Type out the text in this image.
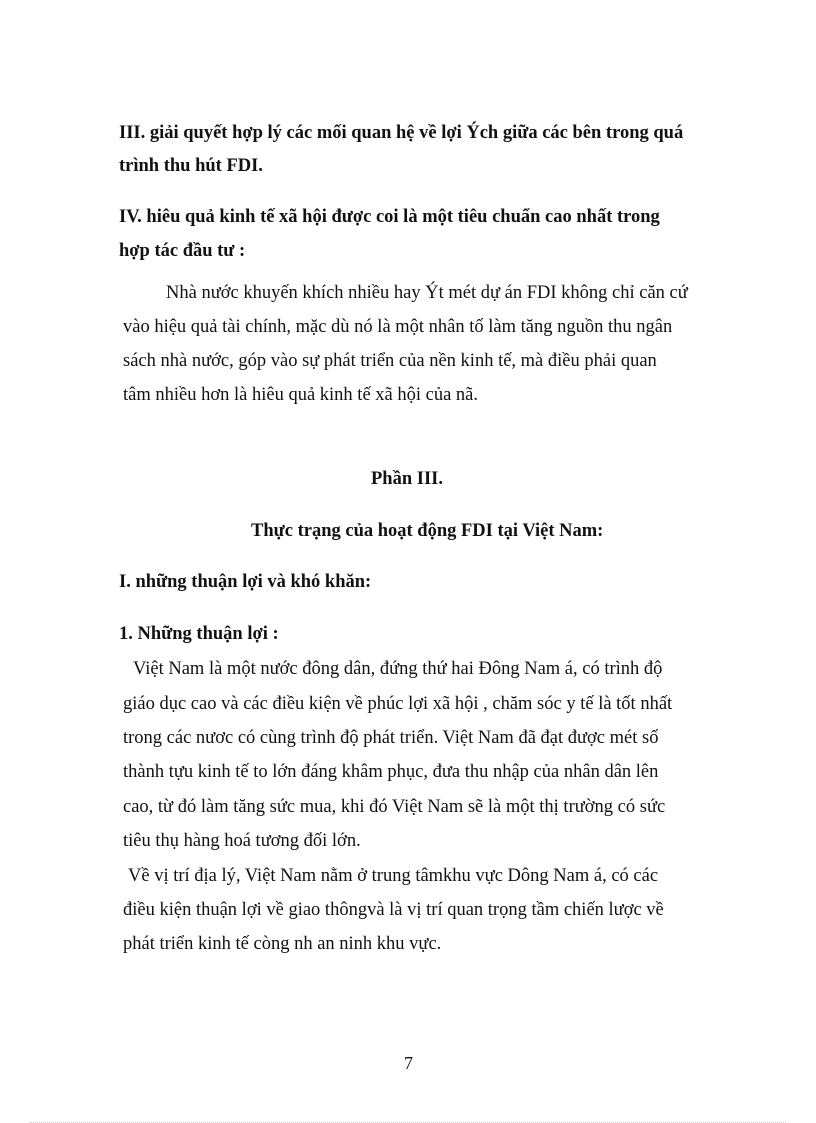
III. giải quyết hợp lý các mối quan hệ về lợi Ých giữa các bên trong quá
trình thu hút FDI.
IV. hiêu quả kinh tế xã hội được coi là một tiêu chuẩn cao nhất trong
hợp tác đầu tư :
Nhà nước khuyến khích nhiều hay Ýt mét dự án FDI không chỉ căn cứ
vào hiệu quả tài chính, mặc dù nó là một nhân tố làm tăng nguồn thu ngân
sách nhà nước, góp vào sự phát triển của nền kinh tế, mà điều phải quan
tâm nhiều hơn là hiêu quả kinh tế xã hội của nã.
Phần III.
Thực trạng của hoạt động FDI tại Việt Nam:
I. những thuận lợi và khó khăn:
1. Những thuận lợi :
Việt Nam là một nước đông dân, đứng thứ hai Đông Nam á, có trình độ
giáo dục cao và các điều kiện về phúc lợi xã hội , chăm sóc y tế là tốt nhất
trong các nươc có cùng trình độ phát triển. Việt Nam đã đạt được mét số
thành tựu kinh tế to lớn đáng khâm phục, đưa thu nhập của nhân dân lên
cao, từ đó làm tăng sức mua, khi đó Việt Nam sẽ là một thị trường có sức
tiêu thụ hàng hoá tương đối lớn.
Về vị trí địa lý, Việt Nam nằm ở trung tâmkhu vực Dông Nam á, có các
điều kiện thuận lợi về giao thôngvà là vị trí quan trọng tầm chiến lược về
phát triển kinh tế còng nh an ninh khu vực.
7
